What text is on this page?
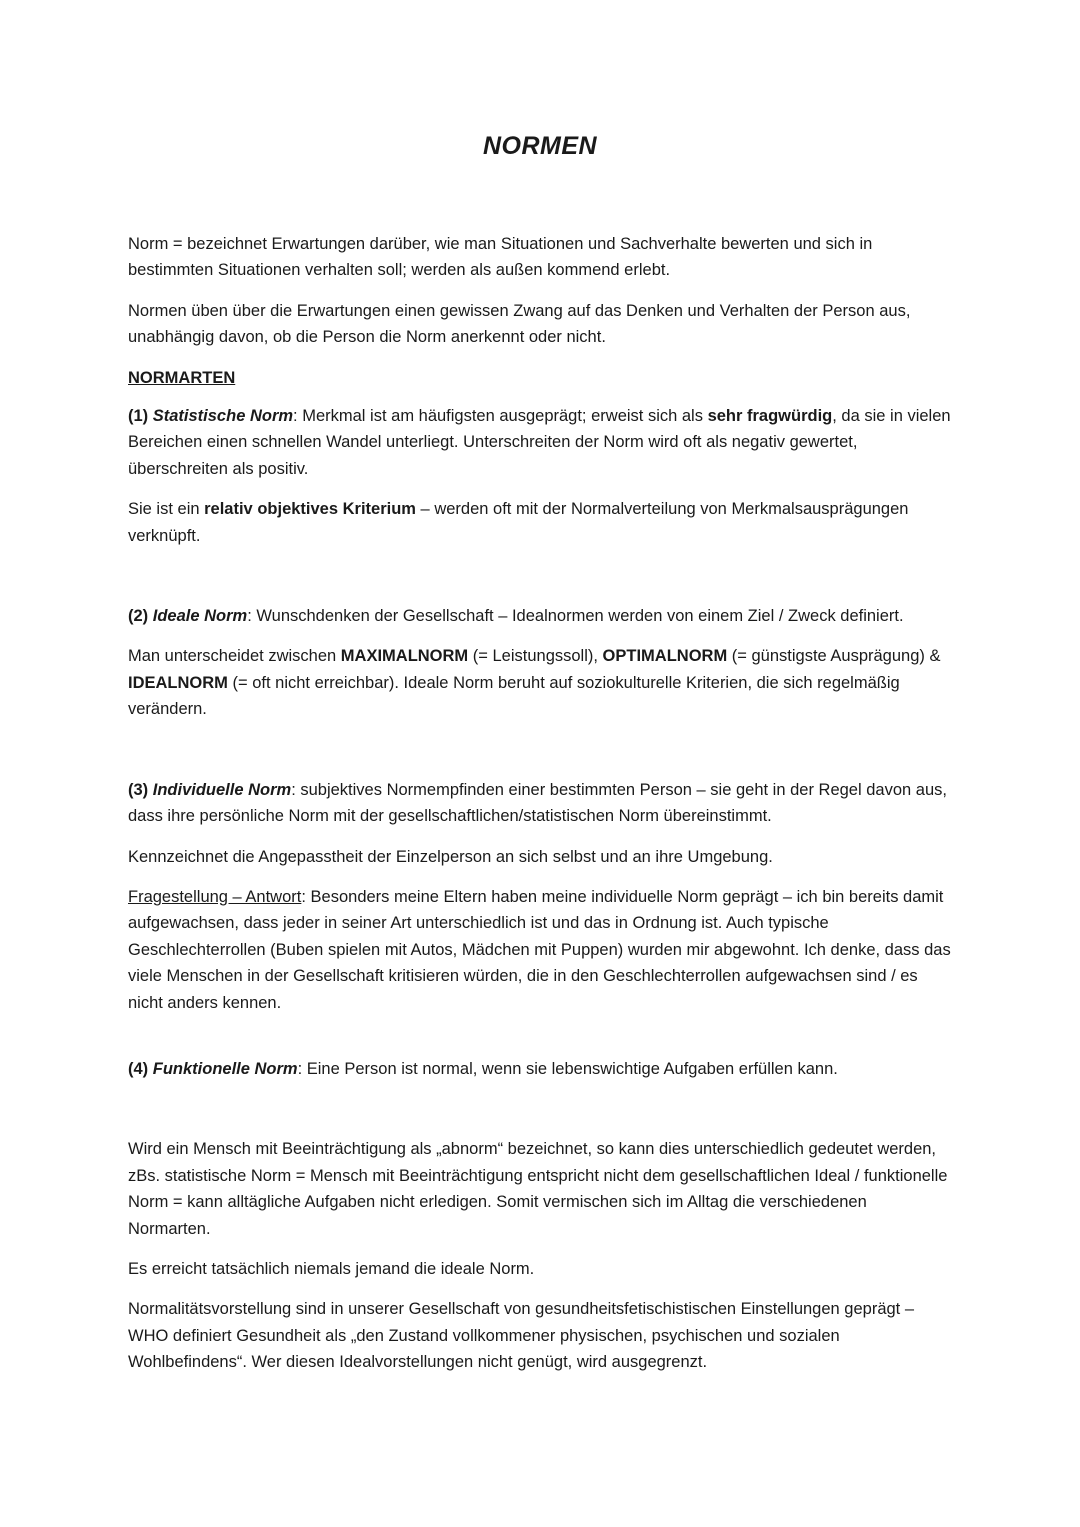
NORMEN

Norm = bezeichnet Erwartungen darüber, wie man Situationen und Sachverhalte bewerten und sich in bestimmten Situationen verhalten soll; werden als außen kommend erlebt.

Normen üben über die Erwartungen einen gewissen Zwang auf das Denken und Verhalten der Person aus, unabhängig davon, ob die Person die Norm anerkennt oder nicht.

NORMARTEN

(1) Statistische Norm: Merkmal ist am häufigsten ausgeprägt; erweist sich als sehr fragwürdig, da sie in vielen Bereichen einen schnellen Wandel unterliegt. Unterschreiten der Norm wird oft als negativ gewertet, überschreiten als positiv.

Sie ist ein relativ objektives Kriterium – werden oft mit der Normalverteilung von Merkmalsausprägungen verknüpft.

(2) Ideale Norm: Wunschdenken der Gesellschaft – Idealnormen werden von einem Ziel / Zweck definiert.

Man unterscheidet zwischen MAXIMALNORM (= Leistungssoll), OPTIMALNORM (= günstigste Ausprägung) & IDEALNORM (= oft nicht erreichbar). Ideale Norm beruht auf soziokulturelle Kriterien, die sich regelmäßig verändern.

(3) Individuelle Norm: subjektives Normempfinden einer bestimmten Person – sie geht in der Regel davon aus, dass ihre persönliche Norm mit der gesellschaftlichen/statistischen Norm übereinstimmt.

Kennzeichnet die Angepasstheit der Einzelperson an sich selbst und an ihre Umgebung.

Fragestellung – Antwort: Besonders meine Eltern haben meine individuelle Norm geprägt – ich bin bereits damit aufgewachsen, dass jeder in seiner Art unterschiedlich ist und das in Ordnung ist. Auch typische Geschlechterrollen (Buben spielen mit Autos, Mädchen mit Puppen) wurden mir abgewohnt. Ich denke, dass das viele Menschen in der Gesellschaft kritisieren würden, die in den Geschlechterrollen aufgewachsen sind / es nicht anders kennen.

(4) Funktionelle Norm: Eine Person ist normal, wenn sie lebenswichtige Aufgaben erfüllen kann.

Wird ein Mensch mit Beeinträchtigung als „abnorm“ bezeichnet, so kann dies unterschiedlich gedeutet werden, zBs. statistische Norm = Mensch mit Beeinträchtigung entspricht nicht dem gesellschaftlichen Ideal / funktionelle Norm = kann alltägliche Aufgaben nicht erledigen. Somit vermischen sich im Alltag die verschiedenen Normarten.

Es erreicht tatsächlich niemals jemand die ideale Norm.

Normalitätsvorstellung sind in unserer Gesellschaft von gesundheitsfetischistischen Einstellungen geprägt – WHO definiert Gesundheit als „den Zustand vollkommener physischen, psychischen und sozialen Wohlbefindens“. Wer diesen Idealvorstellungen nicht genügt, wird ausgegrenzt.
